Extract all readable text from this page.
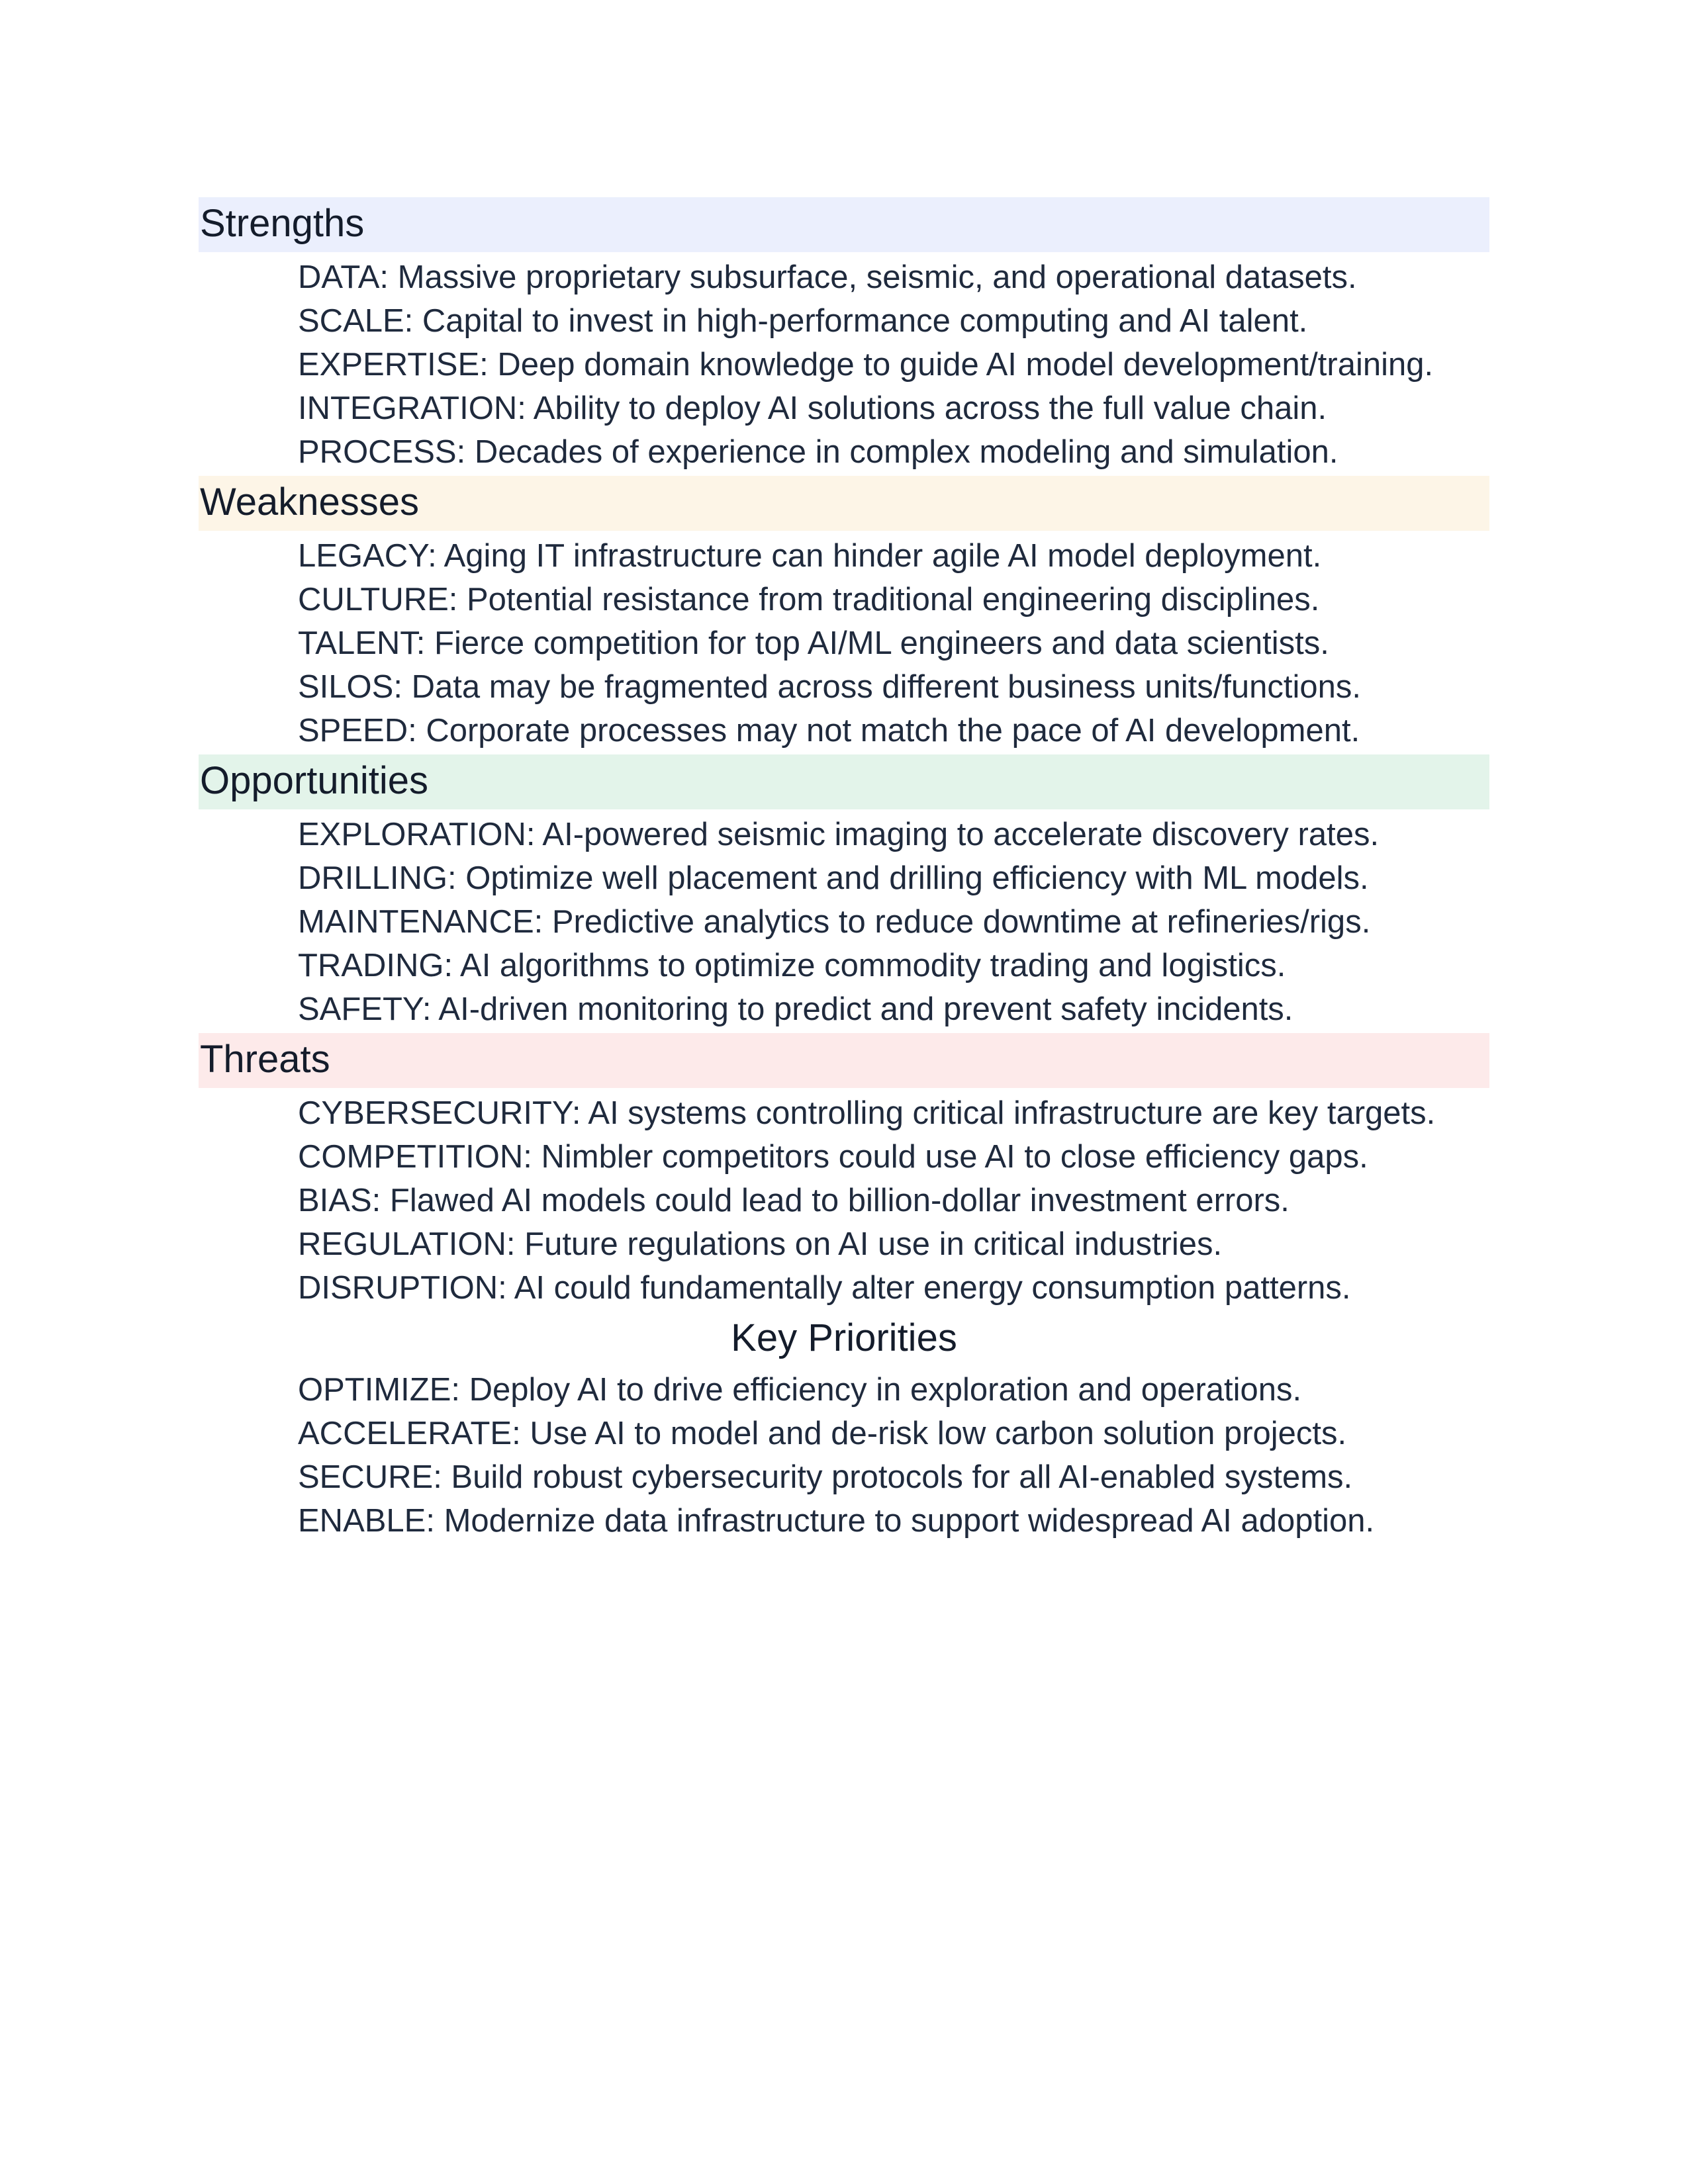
Strengths
DATA: Massive proprietary subsurface, seismic, and operational datasets.
SCALE: Capital to invest in high-performance computing and AI talent.
EXPERTISE: Deep domain knowledge to guide AI model development/training.
INTEGRATION: Ability to deploy AI solutions across the full value chain.
PROCESS: Decades of experience in complex modeling and simulation.
Weaknesses
LEGACY: Aging IT infrastructure can hinder agile AI model deployment.
CULTURE: Potential resistance from traditional engineering disciplines.
TALENT: Fierce competition for top AI/ML engineers and data scientists.
SILOS: Data may be fragmented across different business units/functions.
SPEED: Corporate processes may not match the pace of AI development.
Opportunities
EXPLORATION: AI-powered seismic imaging to accelerate discovery rates.
DRILLING: Optimize well placement and drilling efficiency with ML models.
MAINTENANCE: Predictive analytics to reduce downtime at refineries/rigs.
TRADING: AI algorithms to optimize commodity trading and logistics.
SAFETY: AI-driven monitoring to predict and prevent safety incidents.
Threats
CYBERSECURITY: AI systems controlling critical infrastructure are key targets.
COMPETITION: Nimbler competitors could use AI to close efficiency gaps.
BIAS: Flawed AI models could lead to billion-dollar investment errors.
REGULATION: Future regulations on AI use in critical industries.
DISRUPTION: AI could fundamentally alter energy consumption patterns.
Key Priorities
OPTIMIZE: Deploy AI to drive efficiency in exploration and operations.
ACCELERATE: Use AI to model and de-risk low carbon solution projects.
SECURE: Build robust cybersecurity protocols for all AI-enabled systems.
ENABLE: Modernize data infrastructure to support widespread AI adoption.
